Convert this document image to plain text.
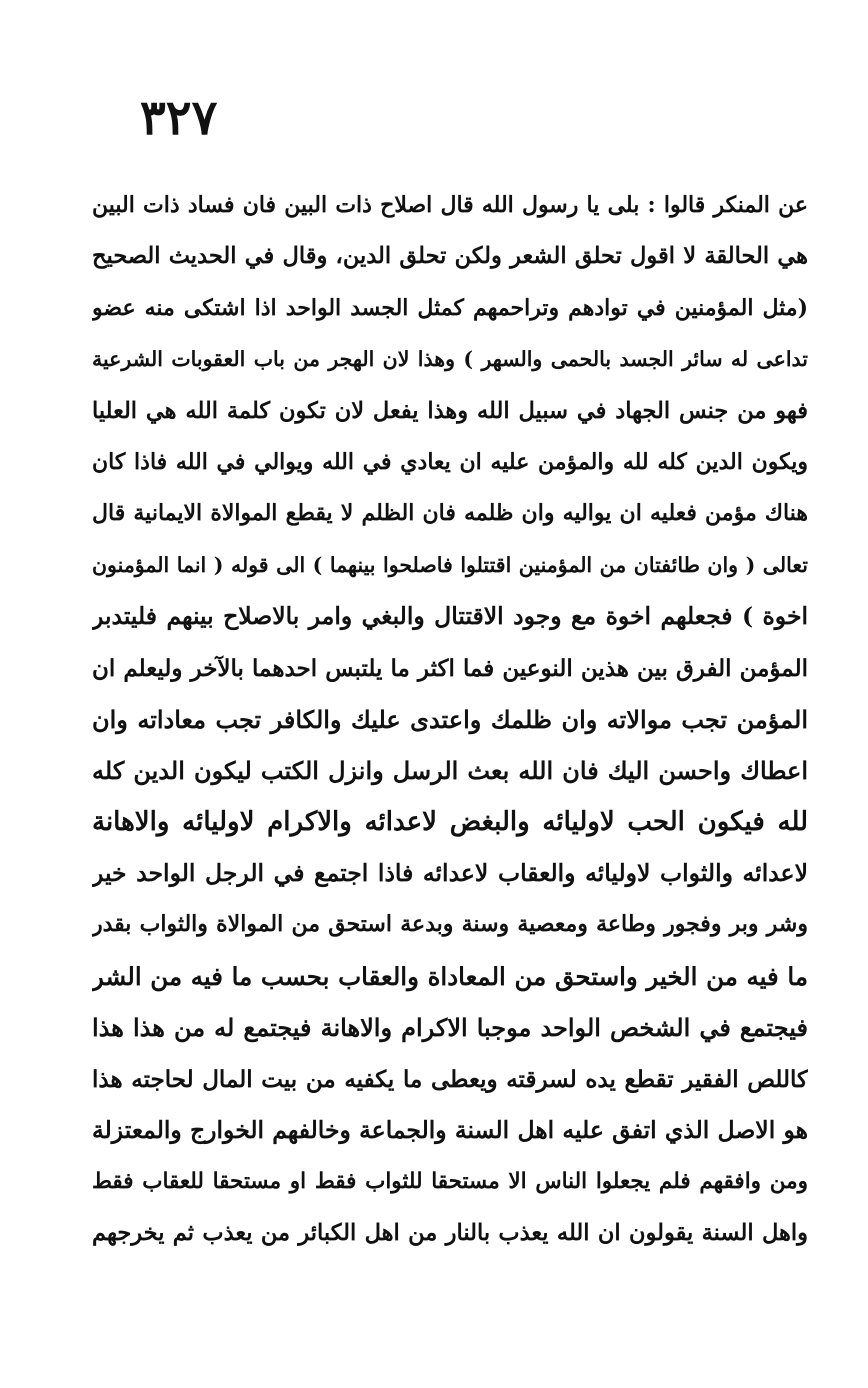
٣٢٧
عن المنكر قالوا : بلى يا رسول الله قال اصلاح ذات البين فان فساد ذات البين
هي الحالقة لا اقول تحلق الشعر ولكن تحلق الدين، وقال في الحديث الصحيح
(مثل المؤمنين في توادهم وتراحمهم كمثل الجسد الواحد اذا اشتكى منه عضو
تداعى له سائر الجسد بالحمى والسهر ) وهذا لان الهجر من باب العقوبات الشرعية
فهو من جنس الجهاد في سبيل الله وهذا يفعل لان تكون كلمة الله هي العليا
ويكون الدين كله لله والمؤمن عليه ان يعادي في الله ويوالي في الله فاذا كان
هناك مؤمن فعليه ان يواليه وان ظلمه فان الظلم لا يقطع الموالاة الايمانية قال
تعالى ( وان طائفتان من المؤمنين اقتتلوا فاصلحوا بينهما ) الى قوله ( انما المؤمنون
اخوة ) فجعلهم اخوة مع وجود الاقتتال والبغي وامر بالاصلاح بينهم فليتدبر
المؤمن الفرق بين هذين النوعين فما اكثر ما يلتبس احدهما بالآخر وليعلم ان
المؤمن تجب موالاته وان ظلمك واعتدى عليك والكافر تجب معاداته وان
اعطاك واحسن اليك فان الله بعث الرسل وانزل الكتب ليكون الدين كله
لله فيكون الحب لاوليائه والبغض لاعدائه والاكرام لاوليائه والاهانة
لاعدائه والثواب لاوليائه والعقاب لاعدائه فاذا اجتمع في الرجل الواحد خير
وشر وبر وفجور وطاعة ومعصية وسنة وبدعة استحق من الموالاة والثواب بقدر
ما فيه من الخير واستحق من المعاداة والعقاب بحسب ما فيه من الشر
فيجتمع في الشخص الواحد موجبا الاكرام والاهانة فيجتمع له من هذا هذا
كاللص الفقير تقطع يده لسرقته ويعطى ما يكفيه من بيت المال لحاجته هذا
هو الاصل الذي اتفق عليه اهل السنة والجماعة وخالفهم الخوارج والمعتزلة
ومن وافقهم فلم يجعلوا الناس الا مستحقا للثواب فقط او مستحقا للعقاب فقط
واهل السنة يقولون ان الله يعذب بالنار من اهل الكبائر من يعذب ثم يخرجهم
